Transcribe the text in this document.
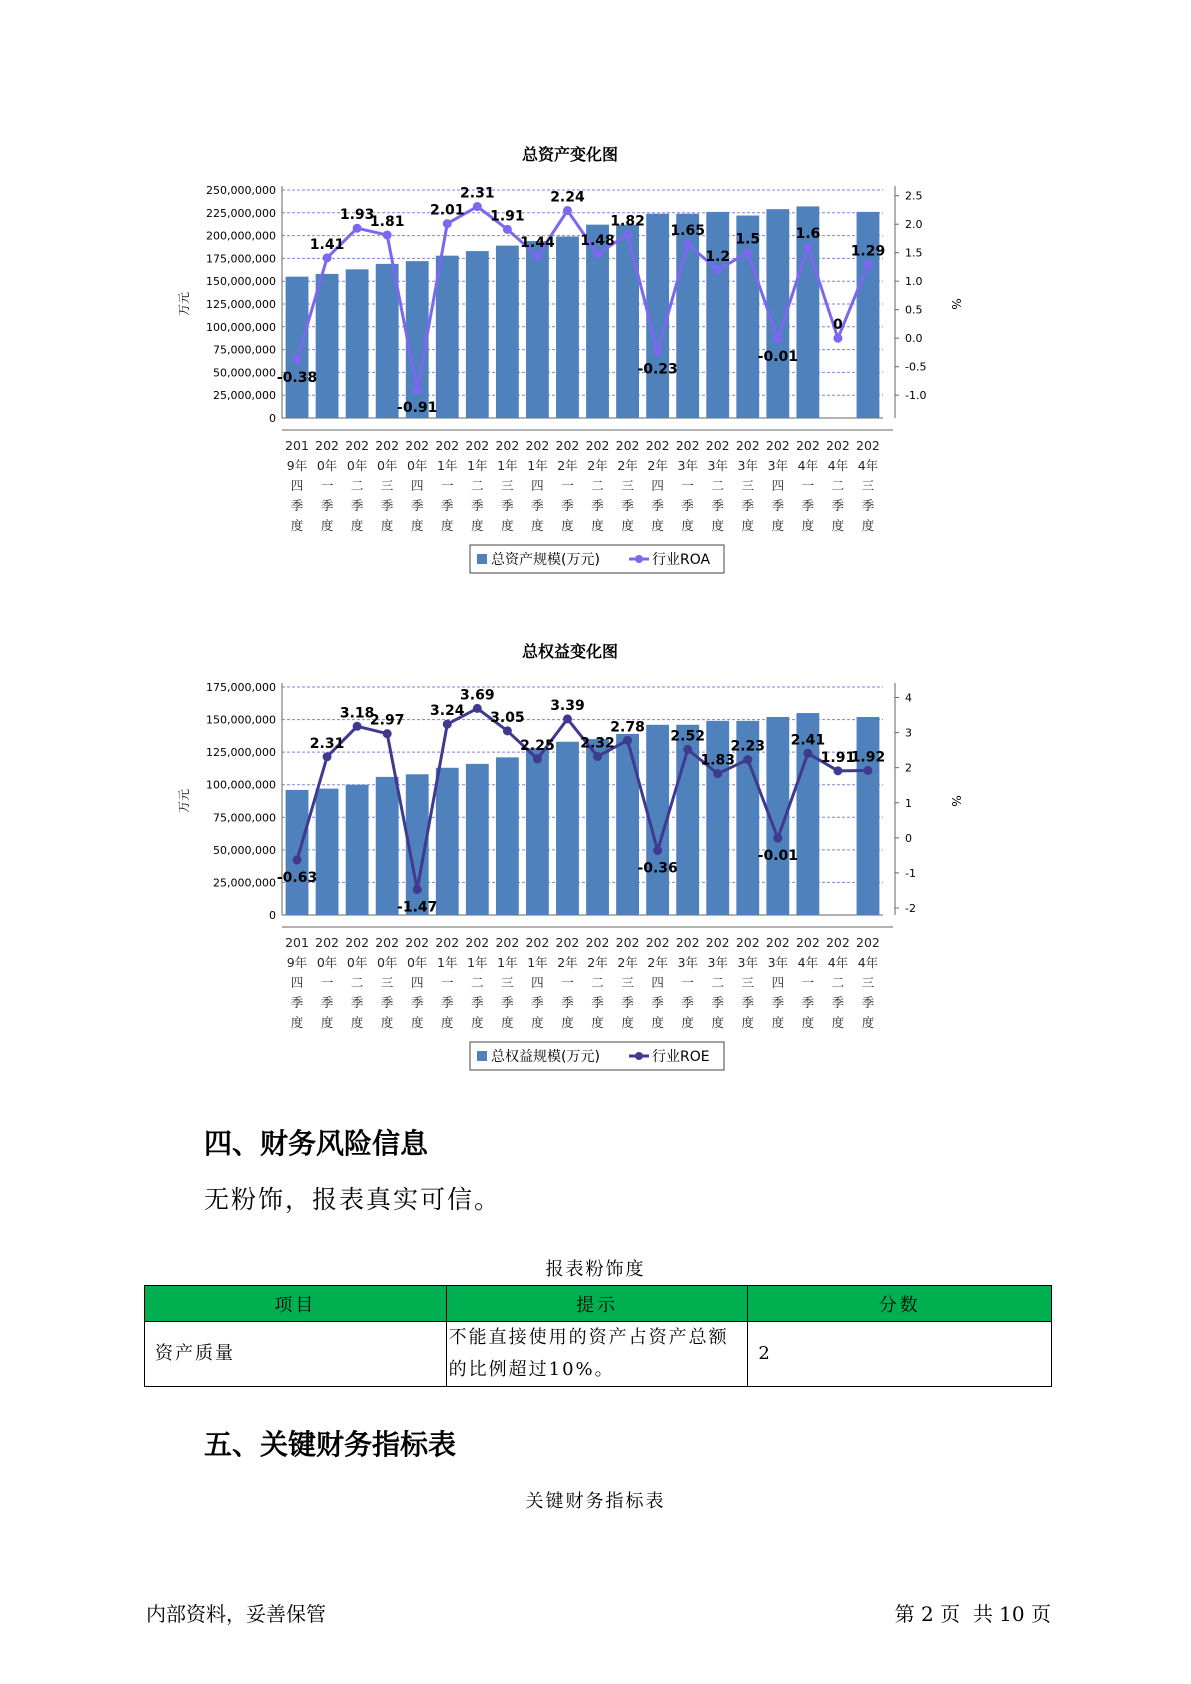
总资产变化图
0
25,000,000
50,000,000
75,000,000
100,000,000
125,000,000
150,000,000
175,000,000
200,000,000
225,000,000
250,000,000	2.5
2.0
1.5
1.0
0.5
0.0
-0.5
-1.0
万元	%
-0.38
1.41
1.93
1.81
-0.91
2.01
2.31
1.91
1.44
2.24
1.48
1.82
-0.23
1.65
1.2
1.5
-0.01
1.6
0
1.29
201
9年
四
季
度
202
0年
一
季
度
202
0年
二
季
度
202
0年
三
季
度
202
0年
四
季
度
202
1年
一
季
度
202
1年
二
季
度
202
1年
三
季
度
202
1年
四
季
度
202
2年
一
季
度
202
2年
二
季
度
202
2年
三
季
度
202
2年
四
季
度
202
3年
一
季
度
202
3年
二
季
度
202
3年
三
季
度
202
3年
四
季
度
202
4年
一
季
度
202
4年
二
季
度
202
4年
三
季
度
总资产规模(万元)	行业ROA
总权益变化图
0
25,000,000
50,000,000
75,000,000
100,000,000
125,000,000
150,000,000
175,000,000
4
3
2
1
0
-1
-2
万元	%
-0.63
2.31
3.18
2.97
-1.47
3.24
3.69
3.05
2.25
3.39
2.32
2.78
-0.36
2.52
1.83
2.23
-0.01
2.41
1.91
1.92
201
9年
四
季
度
202
0年
一
季
度
202
0年
二
季
度
202
0年
三
季
度
202
0年
四
季
度
202
1年
一
季
度
202
1年
二
季
度
202
1年
三
季
度
202
1年
四
季
度
202
2年
一
季
度
202
2年
二
季
度
202
2年
三
季
度
202
2年
四
季
度
202
3年
一
季
度
202
3年
二
季
度
202
3年
三
季
度
202
3年
四
季
度
202
4年
一
季
度
202
4年
二
季
度
202
4年
三
季
度
总权益规模(万元)	行业ROE
四、财务风险信息
无粉饰，报表真实可信。
报表粉饰度
项目	提示	分数
资产质量	不能直接使用的资产占资产总额的比例超过10%。	2
五、关键财务指标表
关键财务指标表
内部资料，妥善保管	第 2 页  共 10 页
